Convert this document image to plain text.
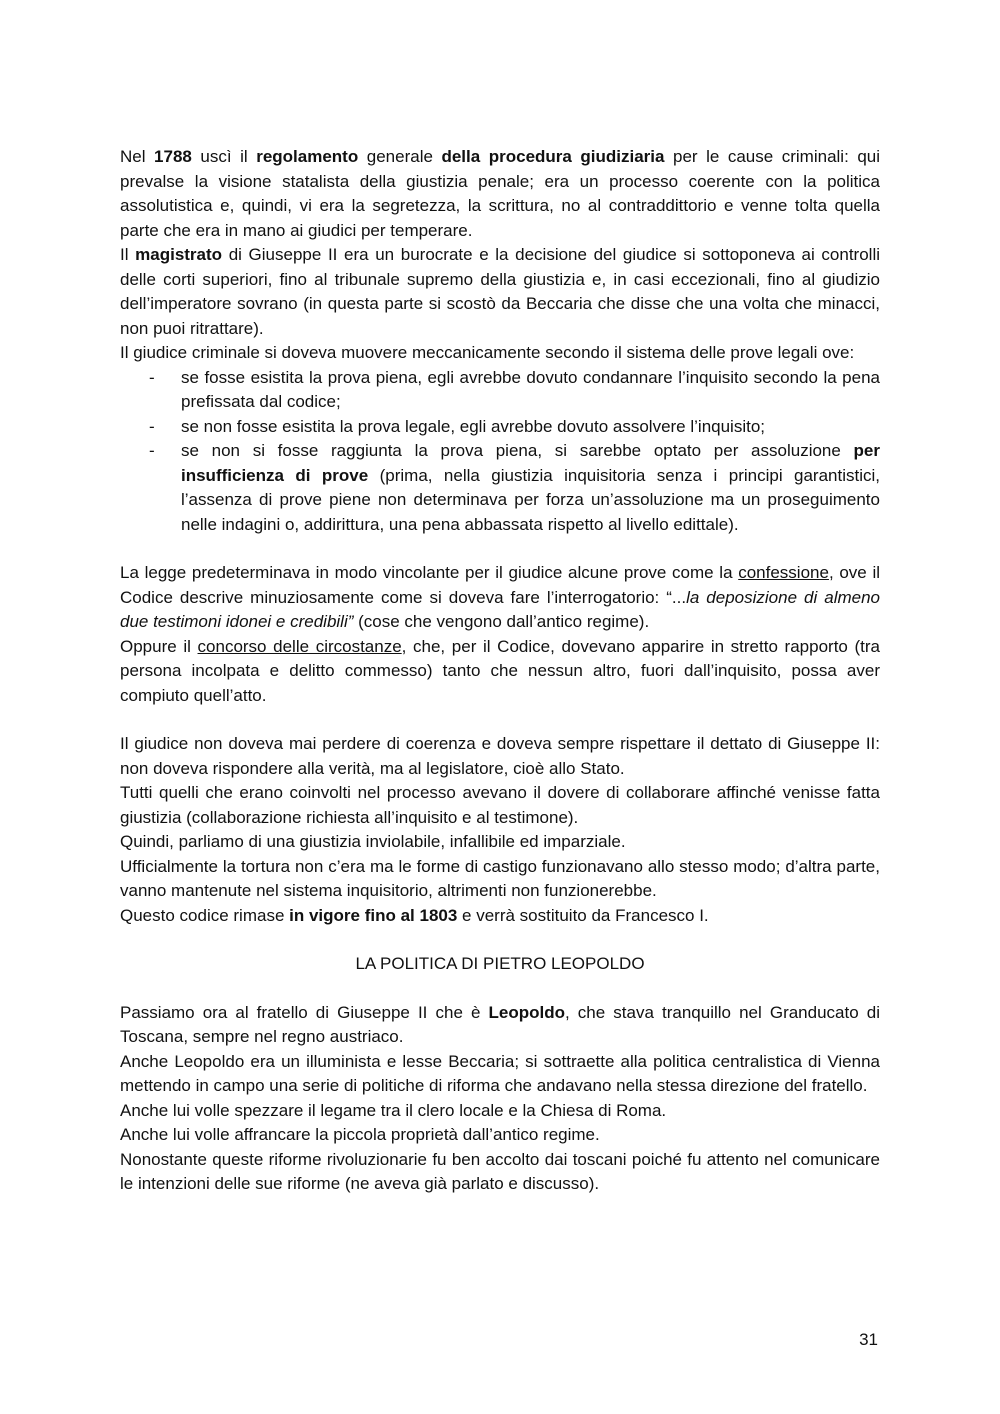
Nel 1788 uscì il regolamento generale della procedura giudiziaria per le cause criminali: qui prevalse la visione statalista della giustizia penale; era un processo coerente con la politica assolutistica e, quindi, vi era la segretezza, la scrittura, no al contraddittorio e venne tolta quella parte che era in mano ai giudici per temperare.

Il magistrato di Giuseppe II era un burocrate e la decisione del giudice si sottoponeva ai controlli delle corti superiori, fino al tribunale supremo della giustizia e, in casi eccezionali, fino al giudizio dell’imperatore sovrano (in questa parte si scostò da Beccaria che disse che una volta che minacci, non puoi ritrattare).

Il giudice criminale si doveva muovere meccanicamente secondo il sistema delle prove legali ove:

- se fosse esistita la prova piena, egli avrebbe dovuto condannare l’inquisito secondo la pena prefissata dal codice;
- se non fosse esistita la prova legale, egli avrebbe dovuto assolvere l’inquisito;
- se non si fosse raggiunta la prova piena, si sarebbe optato per assoluzione per insufficienza di prove (prima, nella giustizia inquisitoria senza i principi garantistici, l’assenza di prove piene non determinava per forza un’assoluzione ma un proseguimento nelle indagini o, addirittura, una pena abbassata rispetto al livello edittale).

La legge predeterminava in modo vincolante per il giudice alcune prove come la confessione, ove il Codice descrive minuziosamente come si doveva fare l’interrogatorio: “...la deposizione di almeno due testimoni idonei e credibili” (cose che vengono dall’antico regime).

Oppure il concorso delle circostanze, che, per il Codice, dovevano apparire in stretto rapporto (tra persona incolpata e delitto commesso) tanto che nessun altro, fuori dall’inquisito, possa aver compiuto quell’atto.

Il giudice non doveva mai perdere di coerenza e doveva sempre rispettare il dettato di Giuseppe II: non doveva rispondere alla verità, ma al legislatore, cioè allo Stato.

Tutti quelli che erano coinvolti nel processo avevano il dovere di collaborare affinché venisse fatta giustizia (collaborazione richiesta all’inquisito e al testimone).

Quindi, parliamo di una giustizia inviolabile, infallibile ed imparziale.

Ufficialmente la tortura non c’era ma le forme di castigo funzionavano allo stesso modo; d’altra parte, vanno mantenute nel sistema inquisitorio, altrimenti non funzionerebbe.

Questo codice rimase in vigore fino al 1803 e verrà sostituito da Francesco I.

LA POLITICA DI PIETRO LEOPOLDO

Passiamo ora al fratello di Giuseppe II che è Leopoldo, che stava tranquillo nel Granducato di Toscana, sempre nel regno austriaco.

Anche Leopoldo era un illuminista e lesse Beccaria; si sottraette alla politica centralistica di Vienna mettendo in campo una serie di politiche di riforma che andavano nella stessa direzione del fratello.

Anche lui volle spezzare il legame tra il clero locale e la Chiesa di Roma.

Anche lui volle affrancare la piccola proprietà dall’antico regime.

Nonostante queste riforme rivoluzionarie fu ben accolto dai toscani poiché fu attento nel comunicare le intenzioni delle sue riforme (ne aveva già parlato e discusso).

31
